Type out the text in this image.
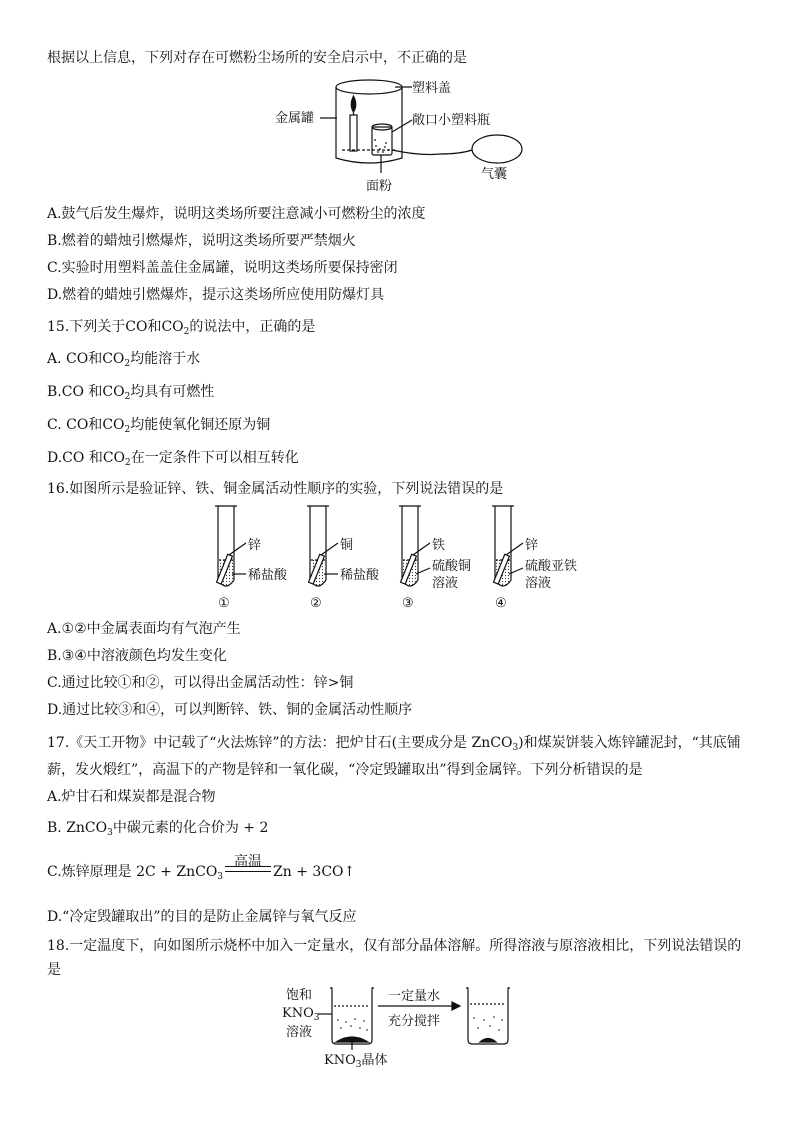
根据以上信息，下列对存在可燃粉尘场所的安全启示中，不正确的是
塑料盖
金属罐	敞口小塑料瓶
面粉
气囊
A.鼓气后发生爆炸，说明这类场所要注意减小可燃粉尘的浓度
B.燃着的蜡烛引燃爆炸，说明这类场所要严禁烟火
C.实验时用塑料盖盖住金属罐，说明这类场所要保持密闭
D.燃着的蜡烛引燃爆炸，提示这类场所应使用防爆灯具
15.下列关于CO和$CO_2$的说法中，正确的是
A. CO和$CO_2$均能溶于水
B.CO 和$CO_2$均具有可燃性
C. CO和$CO_2$均能使氧化铜还原为铜
D.CO 和$CO_2$在一定条件下可以相互转化
16.如图所示是验证锌、铁、铜金属活动性顺序的实验，下列说法错误的是
锌
稀盐酸
①
铜
稀盐酸
②
铁
硫酸铜
溶液
③
锌
硫酸亚铁
溶液
④
A.①②中金属表面均有气泡产生
B.③④中溶液颜色均发生变化
C.通过比较①和②，可以得出金属活动性：锌>铜
D.通过比较③和④，可以判断锌、铁、铜的金属活动性顺序
17.《天工开物》中记载了“火法炼锌”的方法：把炉甘石(主要成分是 ZnCO$_3$)和煤炭饼装入炼锌罐泥封，“其底铺
薪，发火煅红”，高温下的产物是锌和一氧化碳，“冷定毁罐取出”得到金属锌。下列分析错误的是
A.炉甘石和煤炭都是混合物
B. ZnCO$_3$中碳元素的化合价为 + 2
C.炼锌原理是 2C + ZnCO$_3$
高温
Zn + 3CO↑
D.“冷定毁罐取出”的目的是防止金属锌与氧气反应
18.一定温度下，向如图所示烧杯中加入一定量水，仅有部分晶体溶解。所得溶液与原溶液相比，下列说法错误的是
饱和
$KNO_3$
溶液
一定量水
充分搅拌
$KNO_3$晶体
